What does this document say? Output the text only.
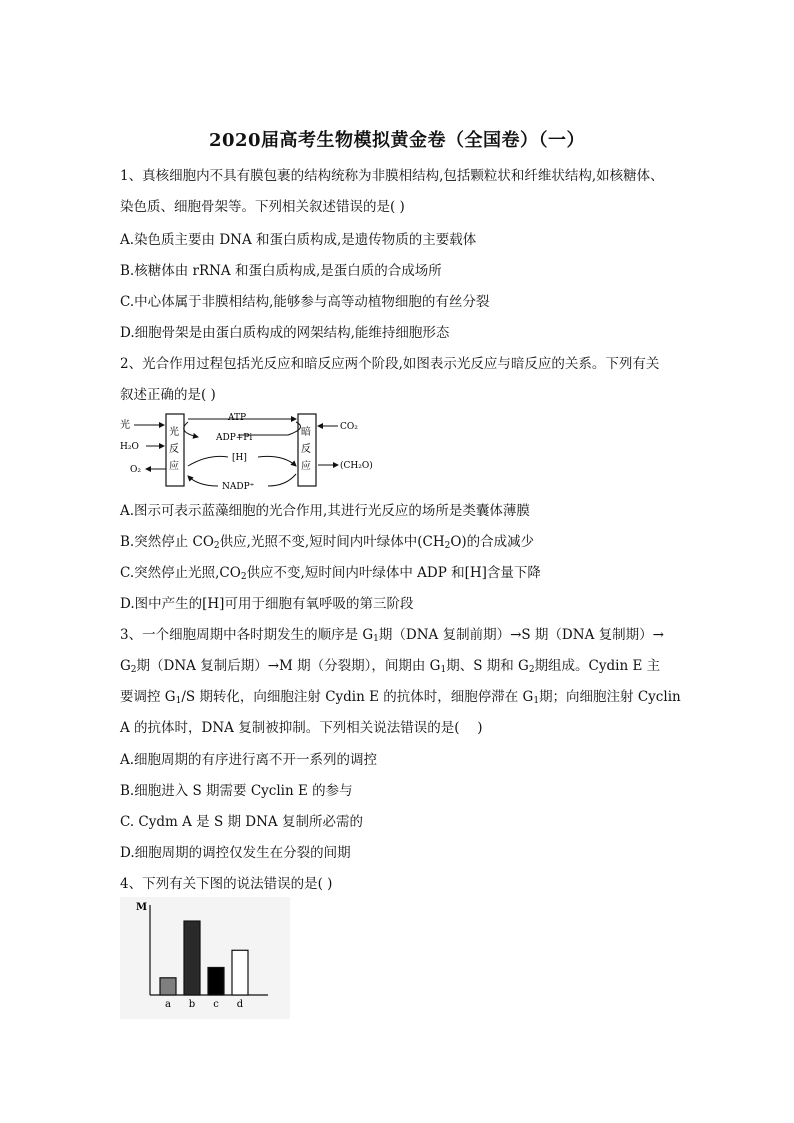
2020届高考生物模拟黄金卷（全国卷）（一）
1、真核细胞内不具有膜包裹的结构统称为非膜相结构,包括颗粒状和纤维状结构,如核糖体、
染色质、细胞骨架等。下列相关叙述错误的是( )
A.染色质主要由 DNA 和蛋白质构成,是遗传物质的主要载体
B.核糖体由 rRNA 和蛋白质构成,是蛋白质的合成场所
C.中心体属于非膜相结构,能够参与高等动植物细胞的有丝分裂
D.细胞骨架是由蛋白质构成的网架结构,能维持细胞形态
2、光合作用过程包括光反应和暗反应两个阶段,如图表示光反应与暗反应的关系。下列有关
叙述正确的是( )
光
H₂O
O₂
光
反
应
暗
反
应
ATP
ADP+Pi
[H]
NADP⁺
CO₂
(CH₂O)
A.图示可表示蓝藻细胞的光合作用,其进行光反应的场所是类囊体薄膜
B.突然停止 $CO_2$供应,光照不变,短时间内叶绿体中$(CH_2O)$的合成减少
C.突然停止光照$,CO_2$供应不变,短时间内叶绿体中 ADP 和[H]含量下降
D.图中产生的[H]可用于细胞有氧呼吸的第三阶段
3、一个细胞周期中各时期发生的顺序是 $G_1$期（DNA 复制前期）→S 期（DNA 复制期）→
$G_2$期（DNA 复制后期）→M 期（分裂期），间期由 $G_1$期、S 期和 $G_2$期组成。Cydin E 主
要调控 $G_1/S$ 期转化，向细胞注射 Cydin E 的抗体时，细胞停滞在 $G_1$期；向细胞注射 Cyclin
A 的抗体时，DNA 复制被抑制。下列相关说法错误的是(　 )
A.细胞周期的有序进行离不开一系列的调控
B.细胞进入 S 期需要 Cyclin E 的参与
C. Cydm A 是 S 期 DNA 复制所必需的
D.细胞周期的调控仅发生在分裂的间期
4、下列有关下图的说法错误的是( )
M
a b c d
